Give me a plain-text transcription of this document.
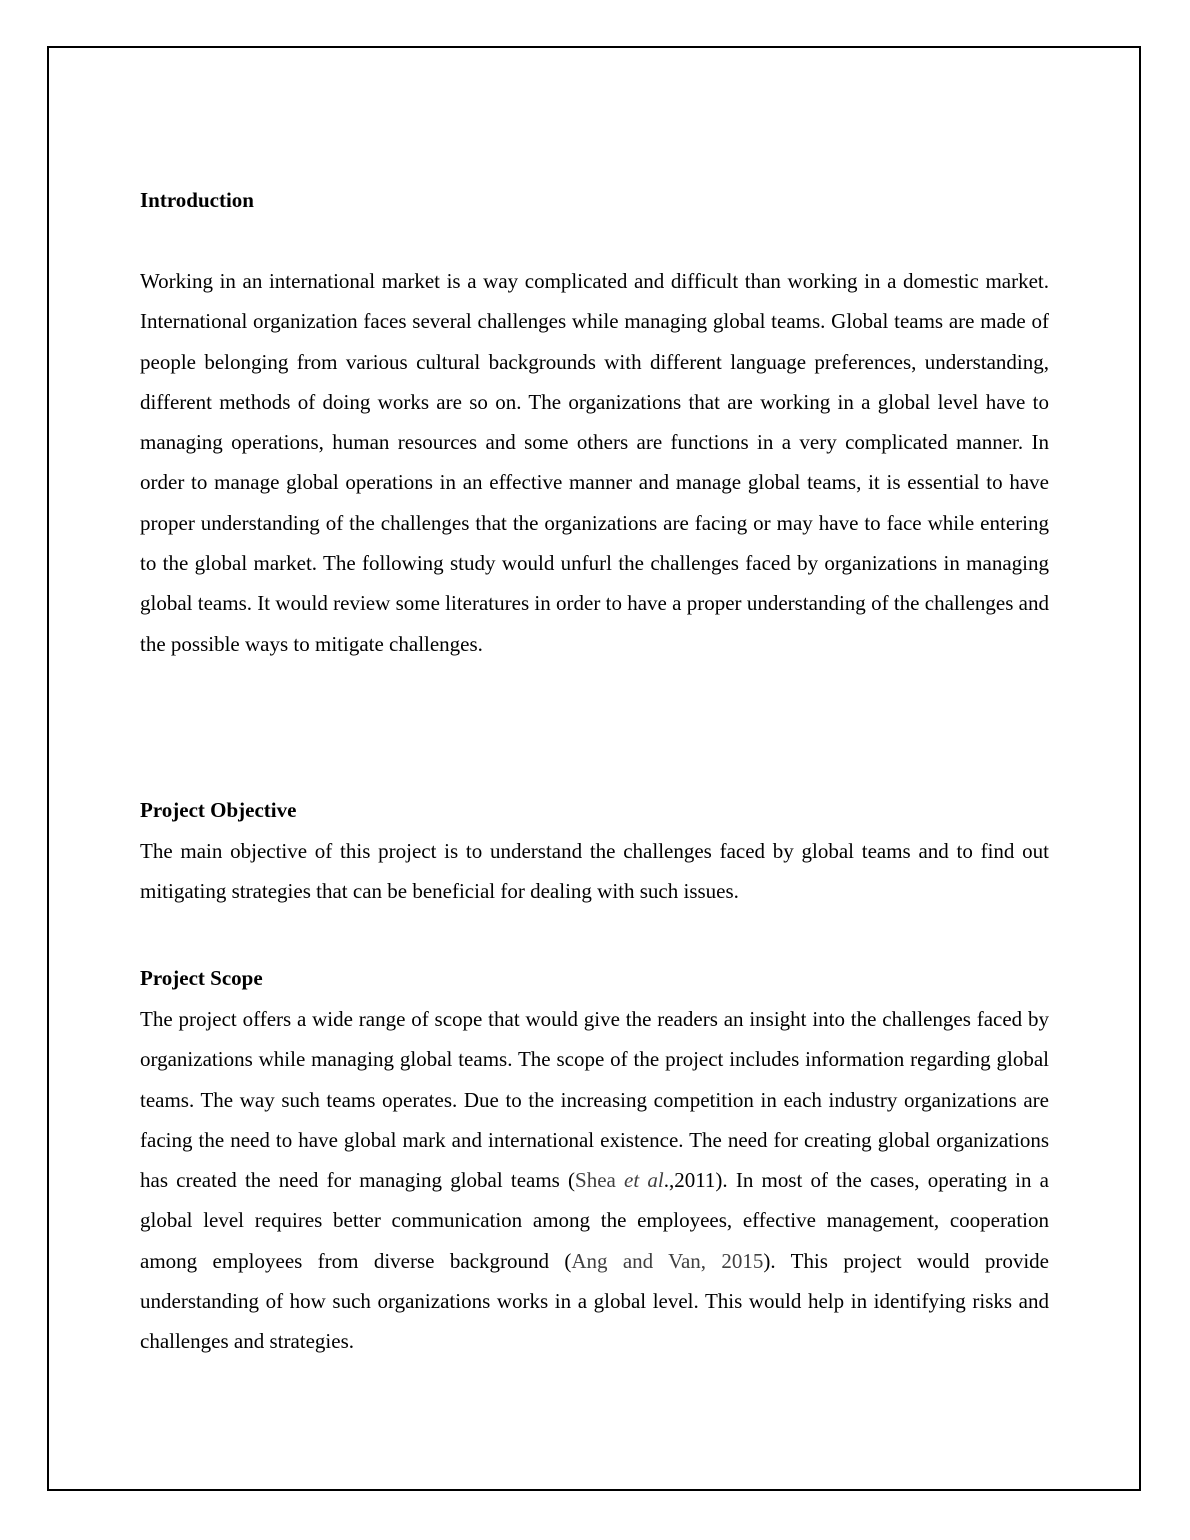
Introduction

Working in an international market is a way complicated and difficult than working in a domestic market. International organization faces several challenges while managing global teams. Global teams are made of people belonging from various cultural backgrounds with different language preferences, understanding, different methods of doing works are so on. The organizations that are working in a global level have to managing operations, human resources and some others are functions in a very complicated manner. In order to manage global operations in an effective manner and manage global teams, it is essential to have proper understanding of the challenges that the organizations are facing or may have to face while entering to the global market. The following study would unfurl the challenges faced by organizations in managing global teams. It would review some literatures in order to have a proper understanding of the challenges and the possible ways to mitigate challenges.

Project Objective

The main objective of this project is to understand the challenges faced by global teams and to find out mitigating strategies that can be beneficial for dealing with such issues.

Project Scope

The project offers a wide range of scope that would give the readers an insight into the challenges faced by organizations while managing global teams. The scope of the project includes information regarding global teams. The way such teams operates. Due to the increasing competition in each industry organizations are facing the need to have global mark and international existence. The need for creating global organizations has created the need for managing global teams (Shea et al.,2011). In most of the cases, operating in a global level requires better communication among the employees, effective management, cooperation among employees from diverse background (Ang and Van, 2015). This project would provide understanding of how such organizations works in a global level. This would help in identifying risks and challenges and strategies.
